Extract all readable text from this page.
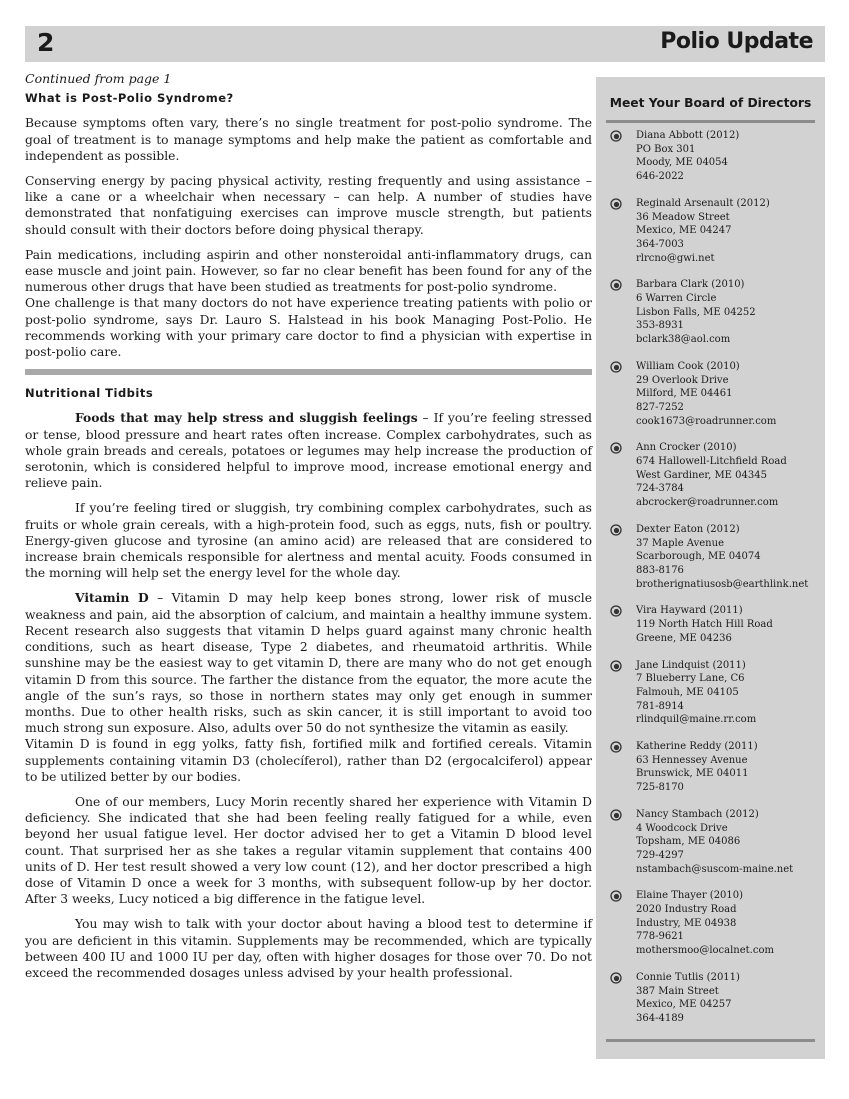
2	Polio Update
Continued from page 1
What is Post-Polio Syndrome?

Because symptoms often vary, there’s no single treatment for post-polio syndrome. The goal of treatment is to manage symptoms and help make the patient as comfortable and independent as possible.

Conserving energy by pacing physical activity, resting frequently and using assistance – like a cane or a wheelchair when necessary – can help. A number of studies have demonstrated that nonfatiguing exercises can improve muscle strength, but patients should consult with their doctors before doing physical therapy.

Pain medications, including aspirin and other nonsteroidal anti-inflammatory drugs, can ease muscle and joint pain. However, so far no clear benefit has been found for any of the numerous other drugs that have been studied as treatments for post-polio syndrome.

One challenge is that many doctors do not have experience treating patients with polio or post-polio syndrome, says Dr. Lauro S. Halstead in his book Managing Post-Polio. He recommends working with your primary care doctor to find a physician with expertise in post-polio care.

Nutritional Tidbits

Foods that may help stress and sluggish feelings – If you’re feeling stressed or tense, blood pressure and heart rates often increase. Complex carbohydrates, such as whole grain breads and cereals, potatoes or legumes may help increase the production of serotonin, which is considered helpful to improve mood, increase emotional energy and relieve pain.

If you’re feeling tired or sluggish, try combining complex carbohydrates, such as fruits or whole grain cereals, with a high-protein food, such as eggs, nuts, fish or poultry. Energy-given glucose and tyrosine (an amino acid) are released that are considered to increase brain chemicals responsible for alertness and mental acuity. Foods consumed in the morning will help set the energy level for the whole day.

Vitamin D – Vitamin D may help keep bones strong, lower risk of muscle weakness and pain, aid the absorption of calcium, and maintain a healthy immune system. Recent research also suggests that vitamin D helps guard against many chronic health conditions, such as heart disease, Type 2 diabetes, and rheumatoid arthritis. While sunshine may be the easiest way to get vitamin D, there are many who do not get enough vitamin D from this source. The farther the distance from the equator, the more acute the angle of the sun’s rays, so those in northern states may only get enough in summer months. Due to other health risks, such as skin cancer, it is still important to avoid too much strong sun exposure. Also, adults over 50 do not synthesize the vitamin as easily.

Vitamin D is found in egg yolks, fatty fish, fortified milk and fortified cereals. Vitamin supplements containing vitamin D3 (cholecíferol), rather than D2 (ergocalciferol) appear to be utilized better by our bodies.

One of our members, Lucy Morin recently shared her experience with Vitamin D deficiency. She indicated that she had been feeling really fatigued for a while, even beyond her usual fatigue level. Her doctor advised her to get a Vitamin D blood level count. That surprised her as she takes a regular vitamin supplement that contains 400 units of D. Her test result showed a very low count (12), and her doctor prescribed a high dose of Vitamin D once a week for 3 months, with subsequent follow-up by her doctor. After 3 weeks, Lucy noticed a big difference in the fatigue level.

You may wish to talk with your doctor about having a blood test to determine if you are deficient in this vitamin. Supplements may be recommended, which are typically between 400 IU and 1000 IU per day, often with higher dosages for those over 70. Do not exceed the recommended dosages unless advised by your health professional.

Meet Your Board of Directors
Diana Abbott (2012)
PO Box 301
Moody, ME 04054
646-2022
Reginald Arsenault (2012)
36 Meadow Street
Mexico, ME 04247
364-7003
rlrcno@gwi.net
Barbara Clark (2010)
6 Warren Circle
Lisbon Falls, ME 04252
353-8931
bclark38@aol.com
William Cook (2010)
29 Overlook Drive
Milford, ME 04461
827-7252
cook1673@roadrunner.com
Ann Crocker (2010)
674 Hallowell-Litchfield Road
West Gardiner, ME 04345
724-3784
abcrocker@roadrunner.com
Dexter Eaton (2012)
37 Maple Avenue
Scarborough, ME 04074
883-8176
brotherignatiusosb@earthlink.net
Vira Hayward (2011)
119 North Hatch Hill Road
Greene, ME 04236
Jane Lindquist (2011)
7 Blueberry Lane, C6
Falmouh, ME 04105
781-8914
rlindquil@maine.rr.com
Katherine Reddy (2011)
63 Hennessey Avenue
Brunswick, ME 04011
725-8170
Nancy Stambach (2012)
4 Woodcock Drive
Topsham, ME 04086
729-4297
nstambach@suscom-maine.net
Elaine Thayer (2010)
2020 Industry Road
Industry, ME 04938
778-9621
mothersmoo@localnet.com
Connie Tutlis (2011)
387 Main Street
Mexico, ME 04257
364-4189
